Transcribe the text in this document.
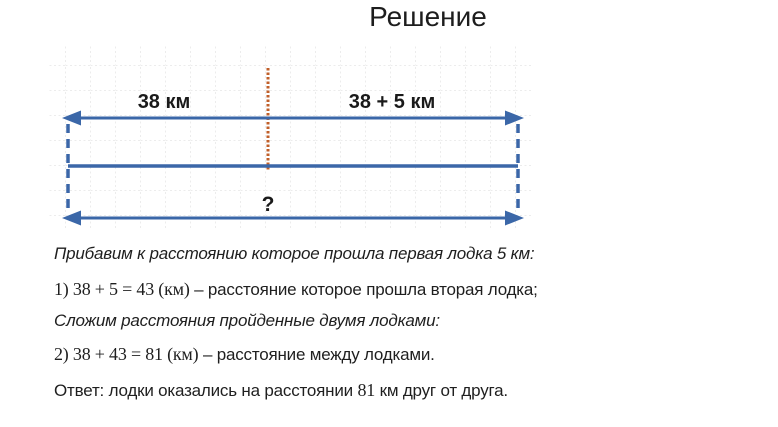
Решение
38 км	38 + 5 км
?

Прибавим к расстоянию которое прошла первая лодка 5 км:

1) 38 + 5 = 43 (км) – расстояние которое прошла вторая лодка;

Сложим расстояния пройденные двумя лодками:

2) 38 + 43 = 81 (км) – расстояние между лодками.

Ответ: лодки оказались на расстоянии 81 км друг от друга.
